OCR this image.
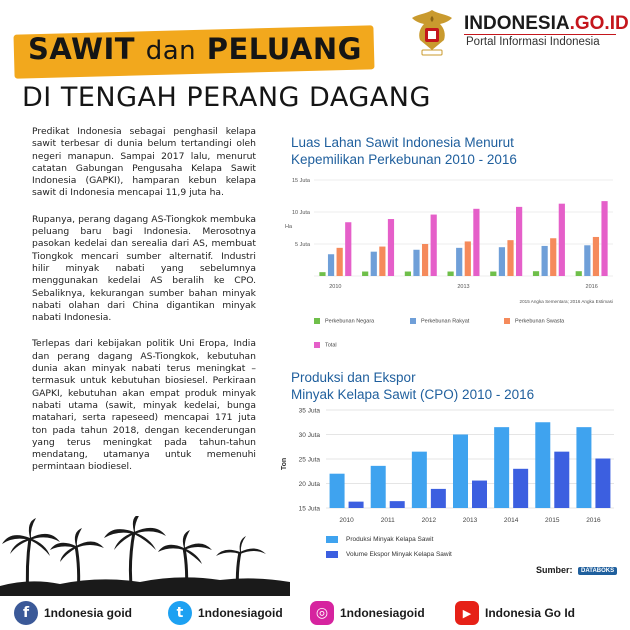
SAWIT dan PELUANG
DI TENGAH PERANG DAGANG
INDONESIA.GO.ID
Portal Informasi Indonesia

Predikat Indonesia sebagai penghasil kelapa sawit terbesar di dunia belum tertandingi oleh negeri manapun. Sampai 2017 lalu, menurut catatan Gabungan Pengusaha Kelapa Sawit Indonesia (GAPKI), hamparan kebun kelapa sawit di Indonesia mencapai 11,9 juta ha.

Rupanya, perang dagang AS-Tiongkok membuka peluang baru bagi Indonesia. Merosotnya pasokan kedelai dan serealia dari AS, membuat Tiongkok mencari sumber alternatif. Industri hilir minyak nabati yang sebelumnya menggunakan kedelai AS beralih ke CPO. Sebaliknya, kekurangan sumber bahan minyak nabati olahan dari China digantikan minyak nabati Indonesia.

Terlepas dari kebijakan politik Uni Eropa, India dan perang dagang AS-Tiongkok, kebutuhan dunia akan minyak nabati terus meningkat – termasuk untuk kebutuhan biosiesel. Perkiraan GAPKI, kebutuhan akan empat produk minyak nabati utama (sawit, minyak kedelai, bunga matahari, serta rapeseed) mencapai 171 juta ton pada tahun 2018, dengan kecenderungan yang terus meningkat pada tahun-tahun mendatang, utamanya untuk memenuhi permintaan biodiesel.

Luas Lahan Sawit Indonesia Menurut
Kepemilikan Perkebunan 2010 - 2016
5 Juta
10 Juta
15 Juta
Ha
2010	2013	2016
2015 Angka Sementara; 2016 Angka Estimasi
Perkebunan Negara	Perkebunan Rakyat	Perkebunan Swasta
Total
Produksi dan Ekspor
Minyak Kelapa Sawit (CPO) 2010 - 2016
15 Juta
20 Juta
25 Juta
30 Juta
35 Juta
Ton
2010	2011	2012	2013	2014	2015	2016
Produksi Minyak Kelapa Sawit
Volume Ekspor Minyak Kelapa Sawit
Sumber: DATABOKS
f	1ndonesia goid	t	1ndonesiagoid	◎ 1ndonesiagoid	▶	Indonesia Go Id
